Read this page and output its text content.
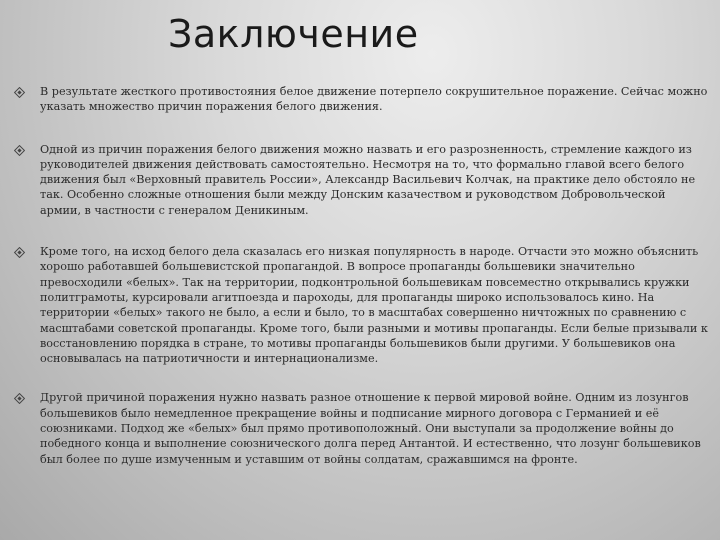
Заключение

В результате жесткого противостояния белое движение потерпело сокрушительное поражение. Сейчас можно указать множество причин поражения белого движения.

Одной из причин поражения белого движения можно назвать и его разрозненность, стремление каждого из руководителей движения действовать самостоятельно. Несмотря на то, что формально главой всего белого движения был «Верховный правитель России», Александр Васильевич Колчак, на практике дело обстояло не так. Особенно сложные отношения были между Донским казачеством и руководством Добровольческой армии, в частности с генералом Деникиным.

Кроме того, на исход белого дела сказалась его низкая популярность в народе. Отчасти это можно объяснить хорошо работавшей большевистской пропагандой. В вопросе пропаганды большевики значительно превосходили «белых». Так на территории, подконтрольной большевикам повсеместно открывались кружки политграмоты, курсировали агитпоезда и пароходы, для пропаганды широко использовалось кино. На территории «белых» такого не было, а если и было, то в масштабах совершенно ничтожных по сравнению с масштабами советской пропаганды. Кроме того, были разными и мотивы пропаганды. Если белые призывали к восстановлению порядка в стране, то мотивы пропаганды большевиков были другими. У большевиков она основывалась на патриотичности и интернационализме.

Другой причиной поражения нужно назвать разное отношение к первой мировой войне. Одним из лозунгов большевиков было немедленное прекращение войны и подписание мирного договора с Германией и её союзниками. Подход же «белых» был прямо противоположный. Они выступали за продолжение войны до победного конца и выполнение союзнического долга перед Антантой. И естественно, что лозунг большевиков был более по душе измученным и уставшим от войны солдатам, сражавшимся на фронте.
